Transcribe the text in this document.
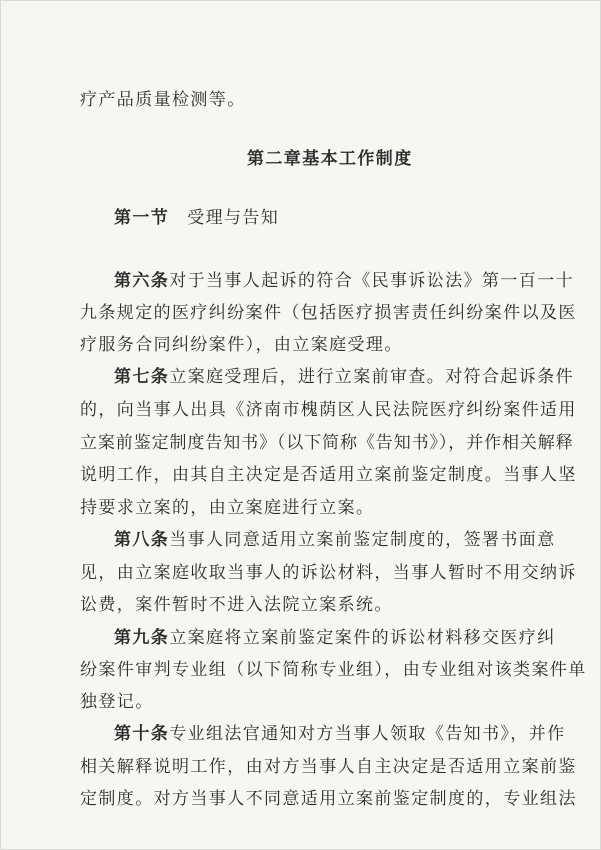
疗产品质量检测等。
第二章基本工作制度
第一节 受理与告知
第六条对于当事人起诉的符合《民事诉讼法》第一百一十
九条规定的医疗纠纷案件（包括医疗损害责任纠纷案件以及医
疗服务合同纠纷案件），由立案庭受理。
第七条立案庭受理后，进行立案前审查。对符合起诉条件
的，向当事人出具《济南市槐荫区人民法院医疗纠纷案件适用
立案前鉴定制度告知书》（以下简称《告知书》），并作相关解释
说明工作，由其自主决定是否适用立案前鉴定制度。当事人坚
持要求立案的，由立案庭进行立案。
第八条当事人同意适用立案前鉴定制度的，签署书面意
见，由立案庭收取当事人的诉讼材料，当事人暂时不用交纳诉
讼费，案件暂时不进入法院立案系统。
第九条立案庭将立案前鉴定案件的诉讼材料移交医疗纠
纷案件审判专业组（以下简称专业组），由专业组对该类案件单
独登记。
第十条专业组法官通知对方当事人领取《告知书》，并作
相关解释说明工作，由对方当事人自主决定是否适用立案前鉴
定制度。对方当事人不同意适用立案前鉴定制度的，专业组法
